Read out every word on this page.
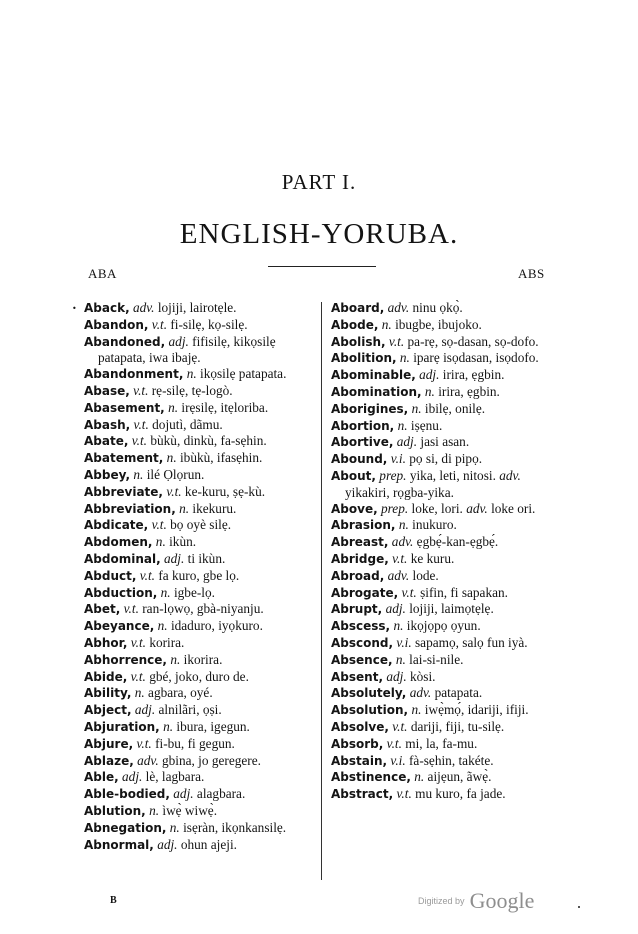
PART I.
ENGLISH-YORUBA.
ABA	ABS
• Aback, adv. lojiji, lairotẹle.

Abandon, v.t. fi-silẹ, kọ-silẹ.

Abandoned, adj. fifisilẹ, kikọsilẹ patapata, iwa ibajẹ.

Abandonment, n. ikọsilẹ patapata.

Abase, v.t. rẹ-silẹ, tẹ-logò.

Abasement, n. irẹsilẹ, itẹloriba.

Abash, v.t. dojutì, dãmu.

Abate, v.t. bùkù, dinkù, fa-sẹhin.

Abatement, n. ibùkù, ifasẹhin.

Abbey, n. ilé Ọlọrun.

Abbreviate, v.t. ke-kuru, ṣẹ-kù.

Abbreviation, n. ikekuru.

Abdicate, v.t. bọ oyè silẹ.

Abdomen, n. ikùn.

Abdominal, adj. ti ikùn.

Abduct, v.t. fa kuro, gbe lọ.

Abduction, n. igbe-lọ.

Abet, v.t. ran-lọwọ, gbà-niyanju.

Abeyance, n. idaduro, iyọkuro.

Abhor, v.t. korira.

Abhorrence, n. ikorira.

Abide, v.t. gbé, joko, duro de.

Ability, n. agbara, oyé.

Abject, adj. alnilãri, ọṣi.

Abjuration, n. ibura, igegun.

Abjure, v.t. fi-bu, fi gegun.

Ablaze, adv. gbina, jo geregere.

Able, adj. lè, lagbara.

Able-bodied, adj. alagbara.

Ablution, n. ìwẹ̀ wiwẹ̀.

Abnegation, n. isẹràn, ikọnkansilẹ.

Abnormal, adj. ohun ajeji.

Aboard, adv. ninu ọkọ̀.

Abode, n. ibugbe, ibujoko.

Abolish, v.t. pa-rẹ, sọ-dasan, sọ-dofo.

Abolition, n. iparẹ isọdasan, isọdofo.

Abominable, adj. irira, ẹgbin.

Abomination, n. irira, ẹgbin.

Aborigines, n. ibilẹ, onilẹ.

Abortion, n. iṣẹnu.

Abortive, adj. jasi asan.

Abound, v.i. pọ si, di pipọ.

About, prep. yika, leti, nitosi. adv. yikakiri, rọgba-yika.

Above, prep. loke, lori. adv. loke ori.

Abrasion, n. inukuro.

Abreast, adv. ẹgbẹ́-kan-ẹgbẹ́.

Abridge, v.t. ke kuru.

Abroad, adv. lode.

Abrogate, v.t. ṣifin, fi sapakan.

Abrupt, adj. lojiji, laimọtẹlẹ.

Abscess, n. ikọjọpọ ọyun.

Abscond, v.i. sapamọ, salọ fun iyà.

Absence, n. lai-si-nile.

Absent, adj. kòsi.

Absolutely, adv. patapata.

Absolution, n. iwẹ̀mọ́, idariji, ifiji.

Absolve, v.t. dariji, fiji, tu-silẹ.

Absorb, v.t. mi, la, fa-mu.

Abstain, v.i. fà-sẹhin, takéte.

Abstinence, n. aijẹun, ãwẹ̀.

Abstract, v.t. mu kuro, fa jade.

B	Digitized by Google
